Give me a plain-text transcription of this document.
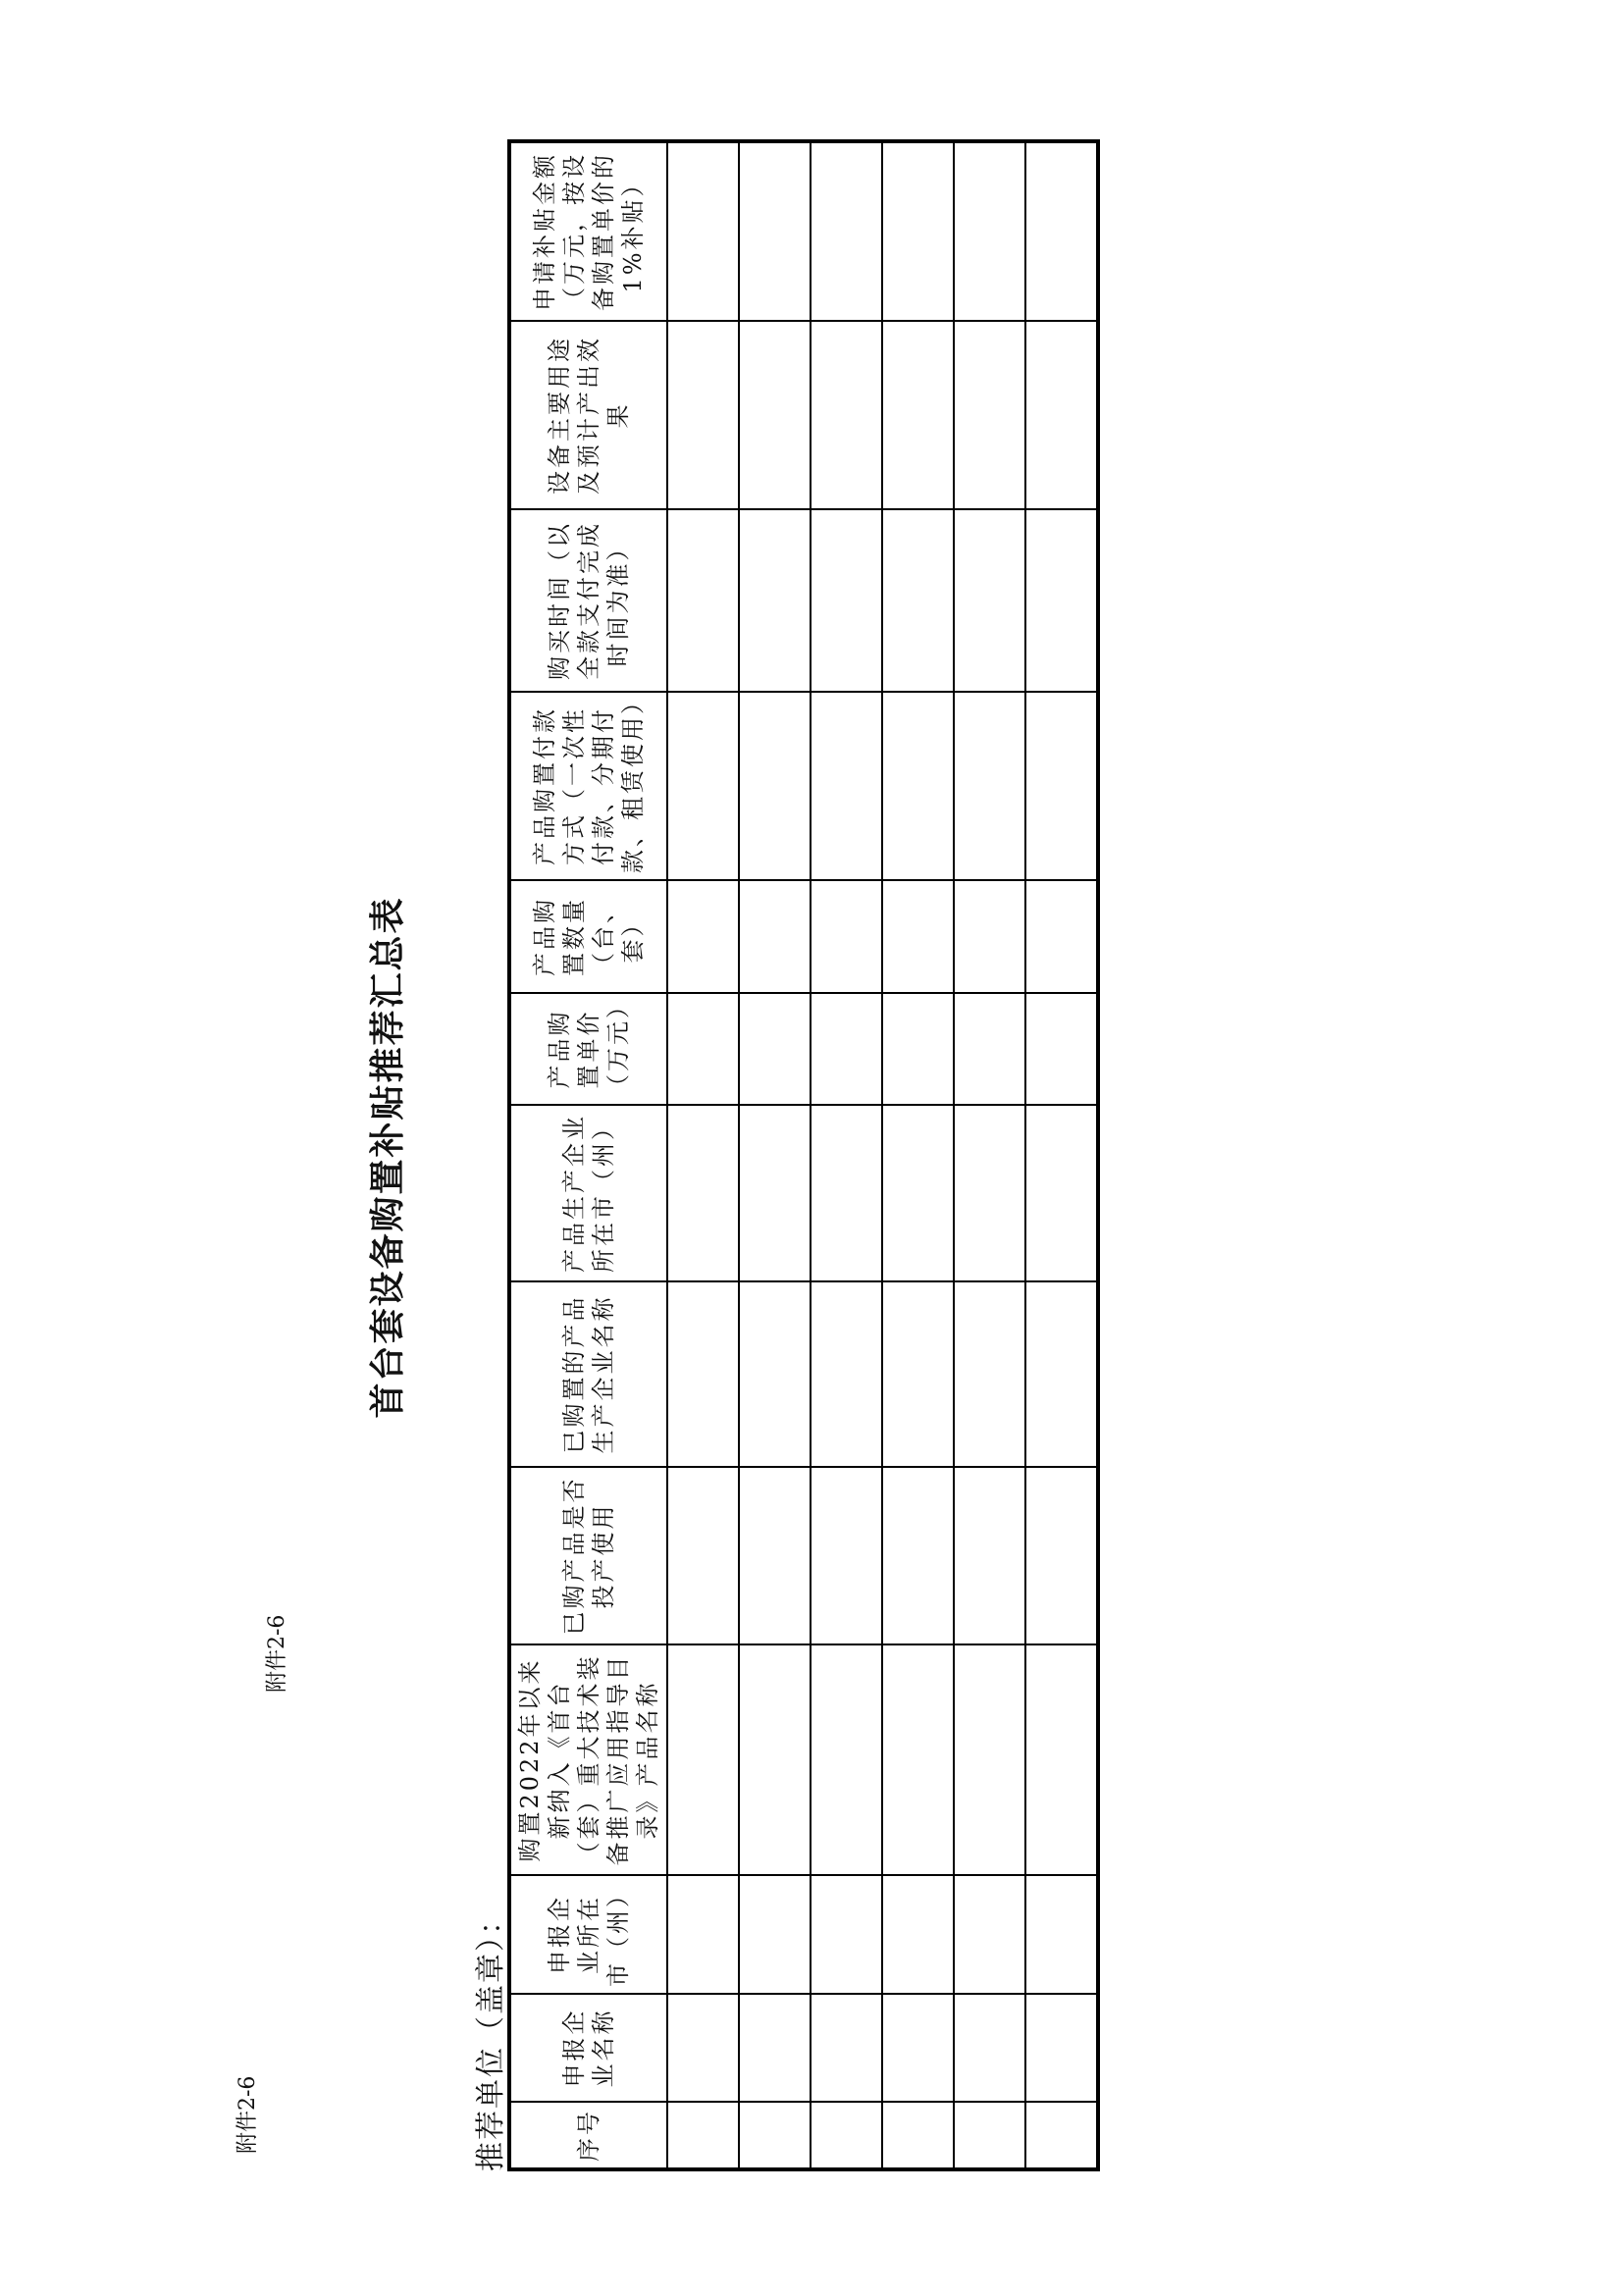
附件2-6
附件2-6
首台套设备购置补贴推荐汇总表
推荐单位（盖章）：	序号	申报企业名称	申报企业所在市（州）	购置2022年以来新纳入《首台（套）重大技术装备推广应用指导目录》产品名称	已购产品是否投产使用	已购置的产品生产企业名称	产品生产企业所在市（州）	产品购置单价（万元）	产品购置数量（台、套）	产品购置付款方式（一次性付款、分期付款、租赁使用）	购买时间（以全款支付完成时间为准）	设备主要用途及预计产出效果	申请补贴金额（万元，按设备购置单价的1%补贴）
